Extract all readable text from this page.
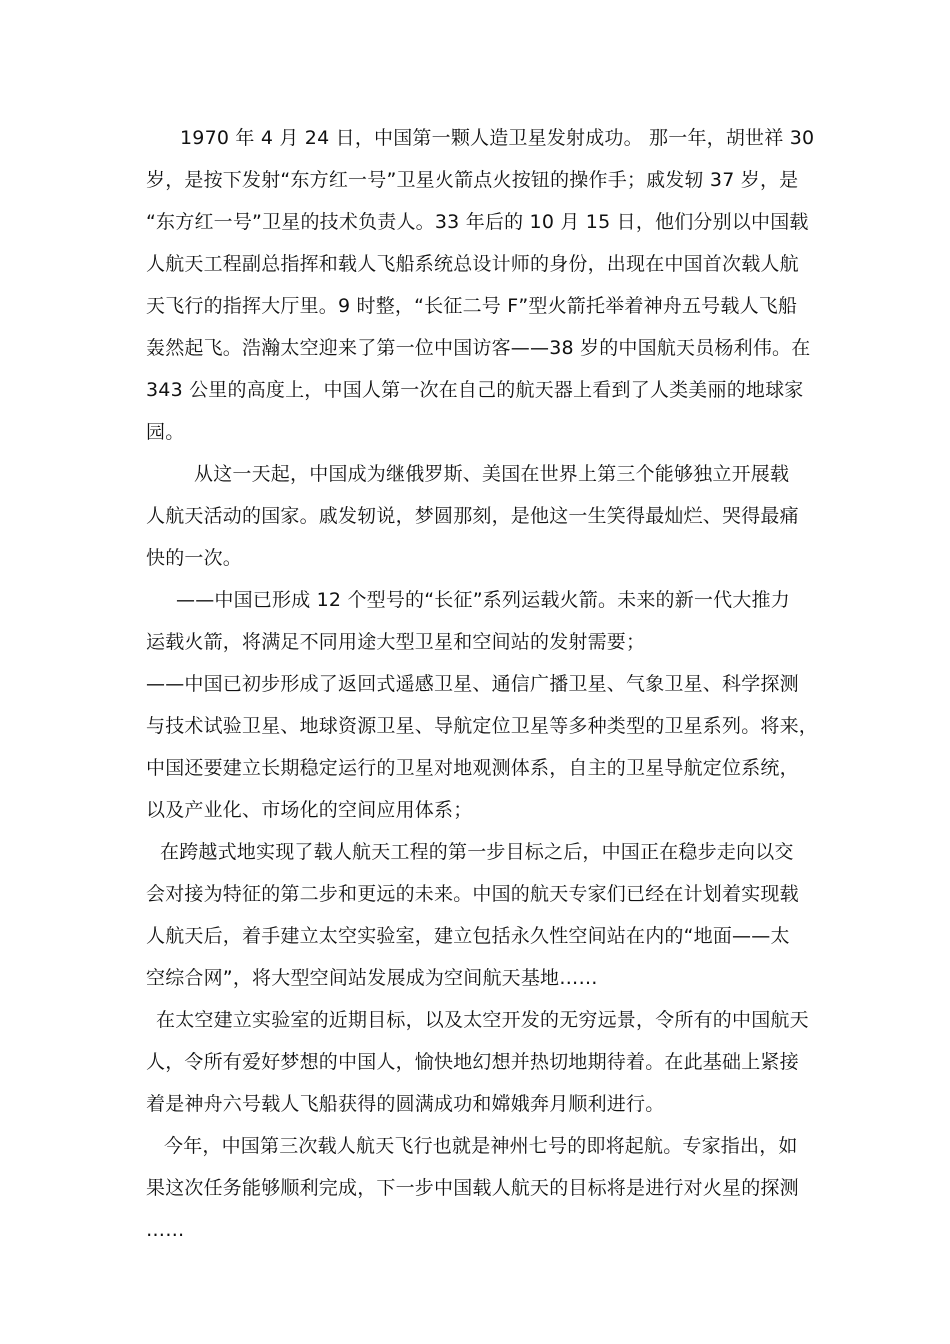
1970 年 4 月 24 日，中国第一颗人造卫星发射成功。 那一年，胡世祥 30
岁，是按下发射“东方红一号”卫星火箭点火按钮的操作手；戚发轫 37 岁，是
“东方红一号”卫星的技术负责人。33 年后的 10 月 15 日，他们分别以中国载
人航天工程副总指挥和载人飞船系统总设计师的身份，出现在中国首次载人航
天飞行的指挥大厅里。9 时整，“长征二号 F”型火箭托举着神舟五号载人飞船
轰然起飞。浩瀚太空迎来了第一位中国访客——38 岁的中国航天员杨利伟。在
343 公里的高度上，中国人第一次在自己的航天器上看到了人类美丽的地球家
园。
从这一天起，中国成为继俄罗斯、美国在世界上第三个能够独立开展载
人航天活动的国家。戚发轫说，梦圆那刻，是他这一生笑得最灿烂、哭得最痛
快的一次。
——中国已形成 12 个型号的“长征”系列运载火箭。未来的新一代大推力
运载火箭，将满足不同用途大型卫星和空间站的发射需要；
——中国已初步形成了返回式遥感卫星、通信广播卫星、气象卫星、科学探测
与技术试验卫星、地球资源卫星、导航定位卫星等多种类型的卫星系列。将来，
中国还要建立长期稳定运行的卫星对地观测体系，自主的卫星导航定位系统，
以及产业化、市场化的空间应用体系；
在跨越式地实现了载人航天工程的第一步目标之后，中国正在稳步走向以交
会对接为特征的第二步和更远的未来。中国的航天专家们已经在计划着实现载
人航天后，着手建立太空实验室，建立包括永久性空间站在内的“地面——太
空综合网”，将大型空间站发展成为空间航天基地……
在太空建立实验室的近期目标，以及太空开发的无穷远景，令所有的中国航天
人，令所有爱好梦想的中国人，愉快地幻想并热切地期待着。在此基础上紧接
着是神舟六号载人飞船获得的圆满成功和嫦娥奔月顺利进行。
今年，中国第三次载人航天飞行也就是神州七号的即将起航。专家指出，如
果这次任务能够顺利完成，下一步中国载人航天的目标将是进行对火星的探测
……
